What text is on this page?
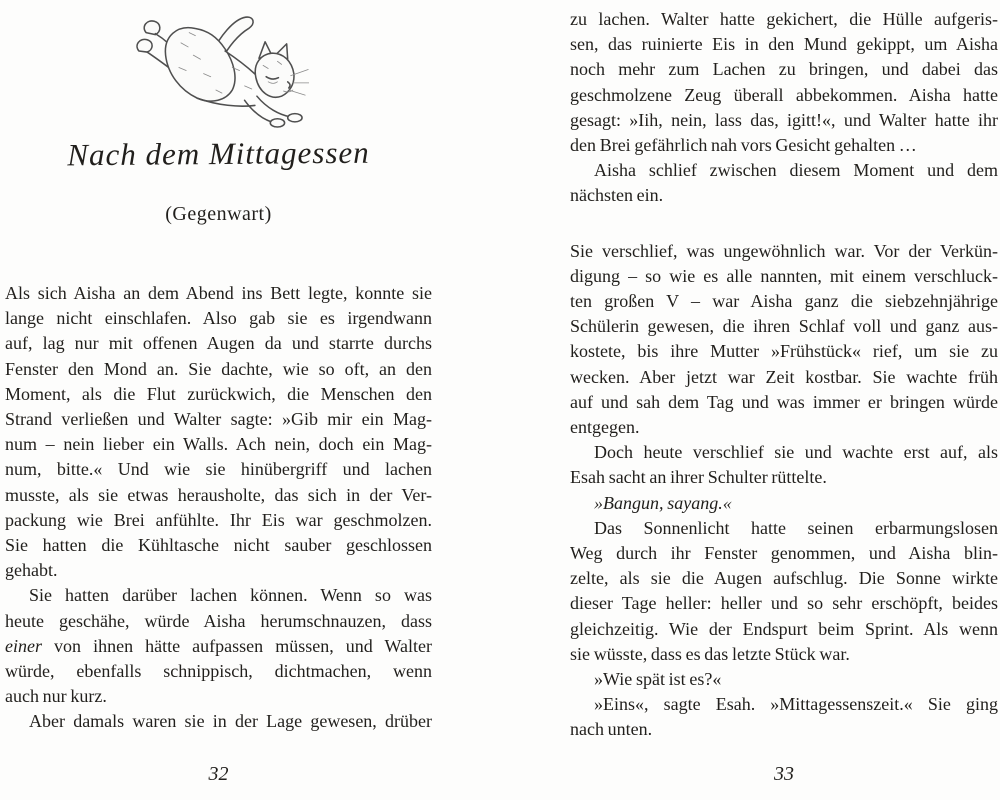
Nach dem Mittagessen
(Gegenwart)
Als sich Aisha an dem Abend ins Bett legte, konnte sie
lange nicht einschlafen. Also gab sie es irgendwann
auf, lag nur mit offenen Augen da und starrte durchs
Fenster den Mond an. Sie dachte, wie so oft, an den
Moment, als die Flut zurückwich, die Menschen den
Strand verließen und Walter sagte: »Gib mir ein Mag-
num – nein lieber ein Walls. Ach nein, doch ein Mag-
num, bitte.« Und wie sie hinübergriff und lachen
musste, als sie etwas herausholte, das sich in der Ver-
packung wie Brei anfühlte. Ihr Eis war geschmolzen.
Sie hatten die Kühltasche nicht sauber geschlossen
gehabt.
Sie hatten darüber lachen können. Wenn so was
heute geschähe, würde Aisha herumschnauzen, dass
einer von ihnen hätte aufpassen müssen, und Walter
würde, ebenfalls schnippisch, dichtmachen, wenn
auch nur kurz.
Aber damals waren sie in der Lage gewesen, drüber
32
zu lachen. Walter hatte gekichert, die Hülle aufgeris-
sen, das ruinierte Eis in den Mund gekippt, um Aisha
noch mehr zum Lachen zu bringen, und dabei das
geschmolzene Zeug überall abbekommen. Aisha hatte
gesagt: »Iih, nein, lass das, igitt!«, und Walter hatte ihr
den Brei gefährlich nah vors Gesicht gehalten …
Aisha schlief zwischen diesem Moment und dem
nächsten ein.
Sie verschlief, was ungewöhnlich war. Vor der Verkün-
digung – so wie es alle nannten, mit einem verschluck-
ten großen V – war Aisha ganz die siebzehnjährige
Schülerin gewesen, die ihren Schlaf voll und ganz aus-
kostete, bis ihre Mutter »Frühstück« rief, um sie zu
wecken. Aber jetzt war Zeit kostbar. Sie wachte früh
auf und sah dem Tag und was immer er bringen würde
entgegen.
Doch heute verschlief sie und wachte erst auf, als
Esah sacht an ihrer Schulter rüttelte.
»Bangun, sayang.«
Das Sonnenlicht hatte seinen erbarmungslosen
Weg durch ihr Fenster genommen, und Aisha blin-
zelte, als sie die Augen aufschlug. Die Sonne wirkte
dieser Tage heller: heller und so sehr erschöpft, beides
gleichzeitig. Wie der Endspurt beim Sprint. Als wenn
sie wüsste, dass es das letzte Stück war.
»Wie spät ist es?«
»Eins«, sagte Esah. »Mittagessenszeit.« Sie ging
nach unten.
33
